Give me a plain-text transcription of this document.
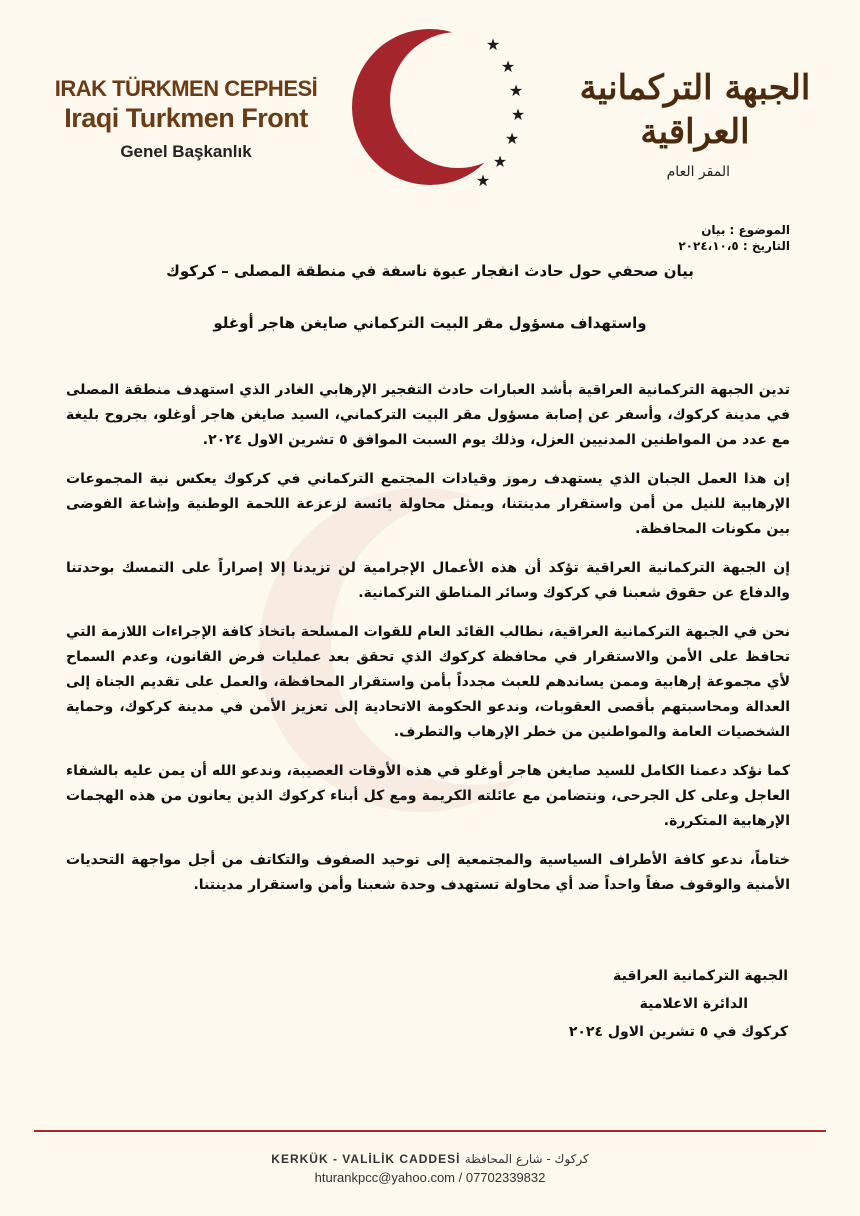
IRAK TÜRKMEN CEPHESİ
Iraqi Turkmen Front
Genel Başkanlık
★
★
★
★
★
★
★
الجبهة التركمانية العراقية
المقر العام
الموضوع : بيان
التاريخ : ٢٠٢٤،١٠،٥
بيان صحفي حول حادث انفجار عبوة ناسفة في منطقة المصلى – كركوك
واستهداف مسؤول مقر البيت التركماني صايغن هاجر أوغلو

تدين الجبهة التركمانية العراقية بأشد العبارات حادث التفجير الإرهابي الغادر الذي استهدف منطقة المصلى في مدينة كركوك، وأسفر عن إصابة مسؤول مقر البيت التركماني، السيد صايغن هاجر أوغلو، بجروح بليغة مع عدد من المواطنين المدنيين العزل، وذلك يوم السبت الموافق ٥ تشرين الاول ٢٠٢٤.

إن هذا العمل الجبان الذي يستهدف رموز وقيادات المجتمع التركماني في كركوك يعكس نية المجموعات الإرهابية للنيل من أمن واستقرار مدينتنا، ويمثل محاولة يائسة لزعزعة اللحمة الوطنية وإشاعة الفوضى بين مكونات المحافظة.

إن الجبهة التركمانية العراقية تؤكد أن هذه الأعمال الإجرامية لن تزيدنا إلا إصراراً على التمسك بوحدتنا والدفاع عن حقوق شعبنا في كركوك وسائر المناطق التركمانية.

نحن في الجبهة التركمانية العراقية، نطالب القائد العام للقوات المسلحة باتخاذ كافة الإجراءات اللازمة التي تحافظ على الأمن والاستقرار في محافظة كركوك الذي تحقق بعد عمليات فرض القانون، وعدم السماح لأي مجموعة إرهابية وممن يساندهم للعبث مجدداً بأمن واستقرار المحافظة، والعمل على تقديم الجناة إلى العدالة ومحاسبتهم بأقصى العقوبات، وندعو الحكومة الاتحادية إلى تعزيز الأمن في مدينة كركوك، وحماية الشخصيات العامة والمواطنين من خطر الإرهاب والتطرف.

كما نؤكد دعمنا الكامل للسيد صايغن هاجر أوغلو في هذه الأوقات العصيبة، وندعو الله أن يمن عليه بالشفاء العاجل وعلى كل الجرحى، ونتضامن مع عائلته الكريمة ومع كل أبناء كركوك الذين يعانون من هذه الهجمات الإرهابية المتكررة.

ختاماً، ندعو كافة الأطراف السياسية والمجتمعية إلى توحيد الصفوف والتكاتف من أجل مواجهة التحديات الأمنية والوقوف صفاً واحداً ضد أي محاولة تستهدف وحدة شعبنا وأمن واستقرار مدينتنا.

الجبهة التركمانية العراقية
الدائرة الاعلامية
كركوك في ٥ تشرين الاول ٢٠٢٤
KERKÜK - VALİLİK CADDESİ كركوك - شارع المحافظة
hturankpcc@yahoo.com / 07702339832
